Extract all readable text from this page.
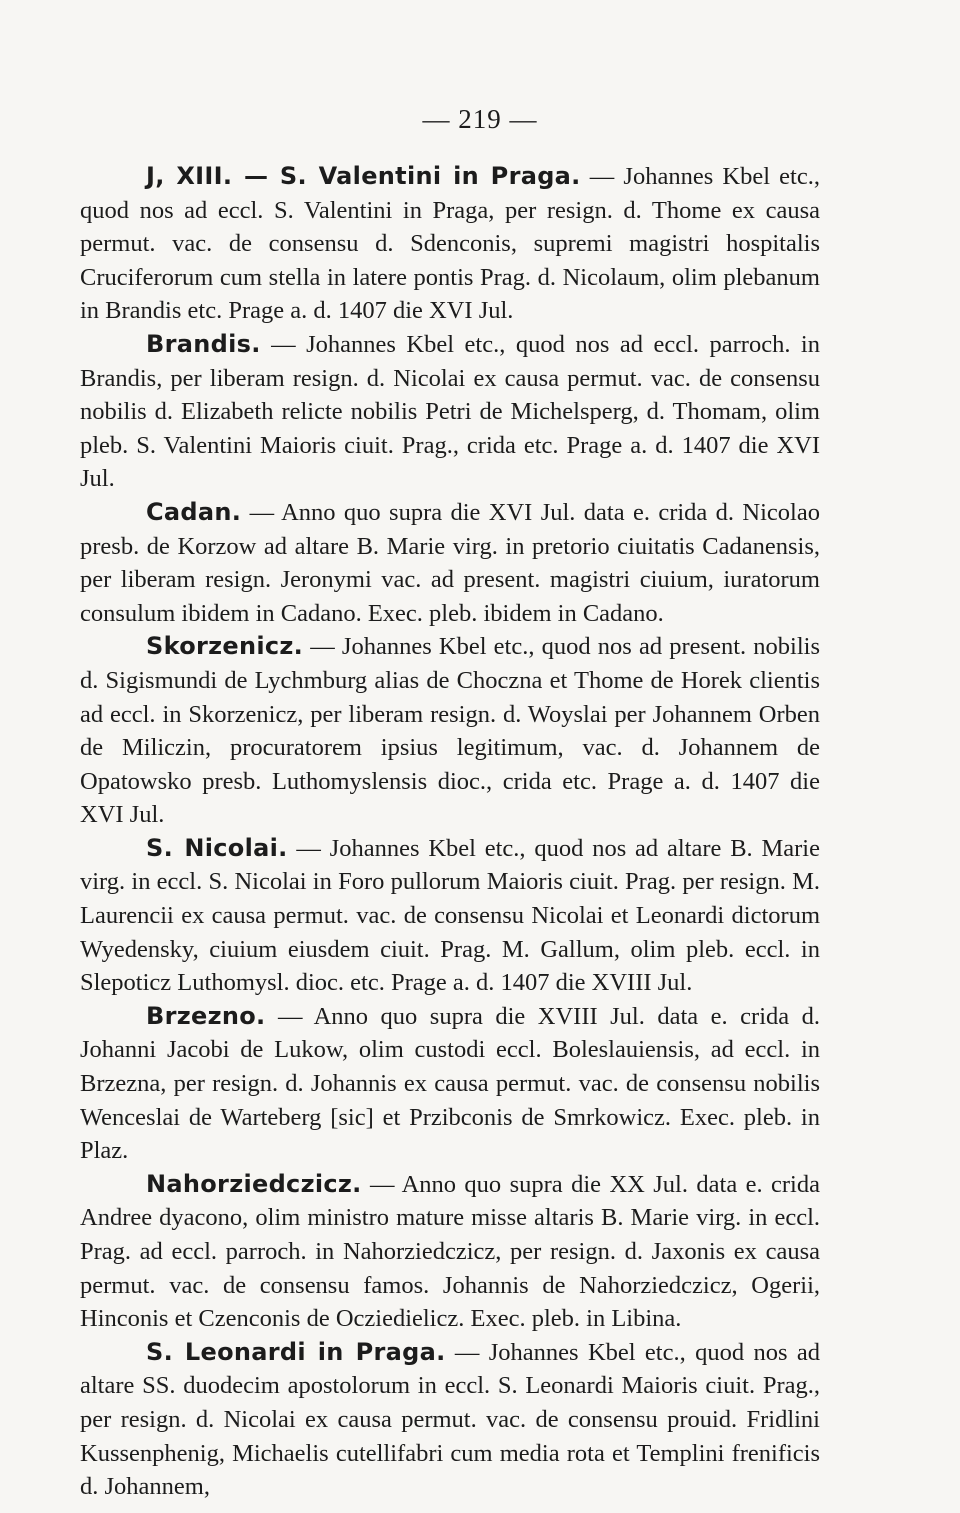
— 219 —

J, XIII. — S. Valentini in Praga. — Johannes Kbel etc., quod nos ad eccl. S. Valentini in Praga, per resign. d. Thome ex causa permut. vac. de consensu d. Sdenconis, supremi magistri hospitalis Cruciferorum cum stella in latere pontis Prag. d. Nicolaum, olim plebanum in Brandis etc. Prage a. d. 1407 die XVI Jul.

Brandis. — Johannes Kbel etc., quod nos ad eccl. parroch. in Brandis, per liberam resign. d. Nicolai ex causa permut. vac. de consensu nobilis d. Elizabeth relicte nobilis Petri de Michelsperg, d. Thomam, olim pleb. S. Valentini Maioris ciuit. Prag., crida etc. Prage a. d. 1407 die XVI Jul.

Cadan. — Anno quo supra die XVI Jul. data e. crida d. Nicolao presb. de Korzow ad altare B. Marie virg. in pretorio ciuitatis Cadanensis, per liberam resign. Jeronymi vac. ad present. magistri ciuium, iuratorum consulum ibidem in Cadano. Exec. pleb. ibidem in Cadano.

Skorzenicz. — Johannes Kbel etc., quod nos ad present. nobilis d. Sigismundi de Lychmburg alias de Choczna et Thome de Horek clientis ad eccl. in Skorzenicz, per liberam resign. d. Woyslai per Johannem Orben de Miliczin, procuratorem ipsius legitimum, vac. d. Johannem de Opatowsko presb. Luthomyslensis dioc., crida etc. Prage a. d. 1407 die XVI Jul.

S. Nicolai. — Johannes Kbel etc., quod nos ad altare B. Marie virg. in eccl. S. Nicolai in Foro pullorum Maioris ciuit. Prag. per resign. M. Laurencii ex causa permut. vac. de consensu Nicolai et Leonardi dictorum Wyedensky, ciuium eiusdem ciuit. Prag. M. Gallum, olim pleb. eccl. in Slepoticz Luthomysl. dioc. etc. Prage a. d. 1407 die XVIII Jul.

Brzezno. — Anno quo supra die XVIII Jul. data e. crida d. Johanni Jacobi de Lukow, olim custodi eccl. Boleslauiensis, ad eccl. in Brzezna, per resign. d. Johannis ex causa permut. vac. de consensu nobilis Wenceslai de Warteberg [sic] et Przibconis de Smrkowicz. Exec. pleb. in Plaz.

Nahorziedczicz. — Anno quo supra die XX Jul. data e. crida Andree dyacono, olim ministro mature misse altaris B. Marie virg. in eccl. Prag. ad eccl. parroch. in Nahorziedczicz, per resign. d. Jaxonis ex causa permut. vac. de consensu famos. Johannis de Nahorziedczicz, Ogerii, Hinconis et Czenconis de Ocziedielicz. Exec. pleb. in Libina.

S. Leonardi in Praga. — Johannes Kbel etc., quod nos ad altare SS. duodecim apostolorum in eccl. S. Leonardi Maioris ciuit. Prag., per resign. d. Nicolai ex causa permut. vac. de consensu prouid. Fridlini Kussenphenig, Michaelis cutellifabri cum media rota et Templini frenificis d. Johannem,
